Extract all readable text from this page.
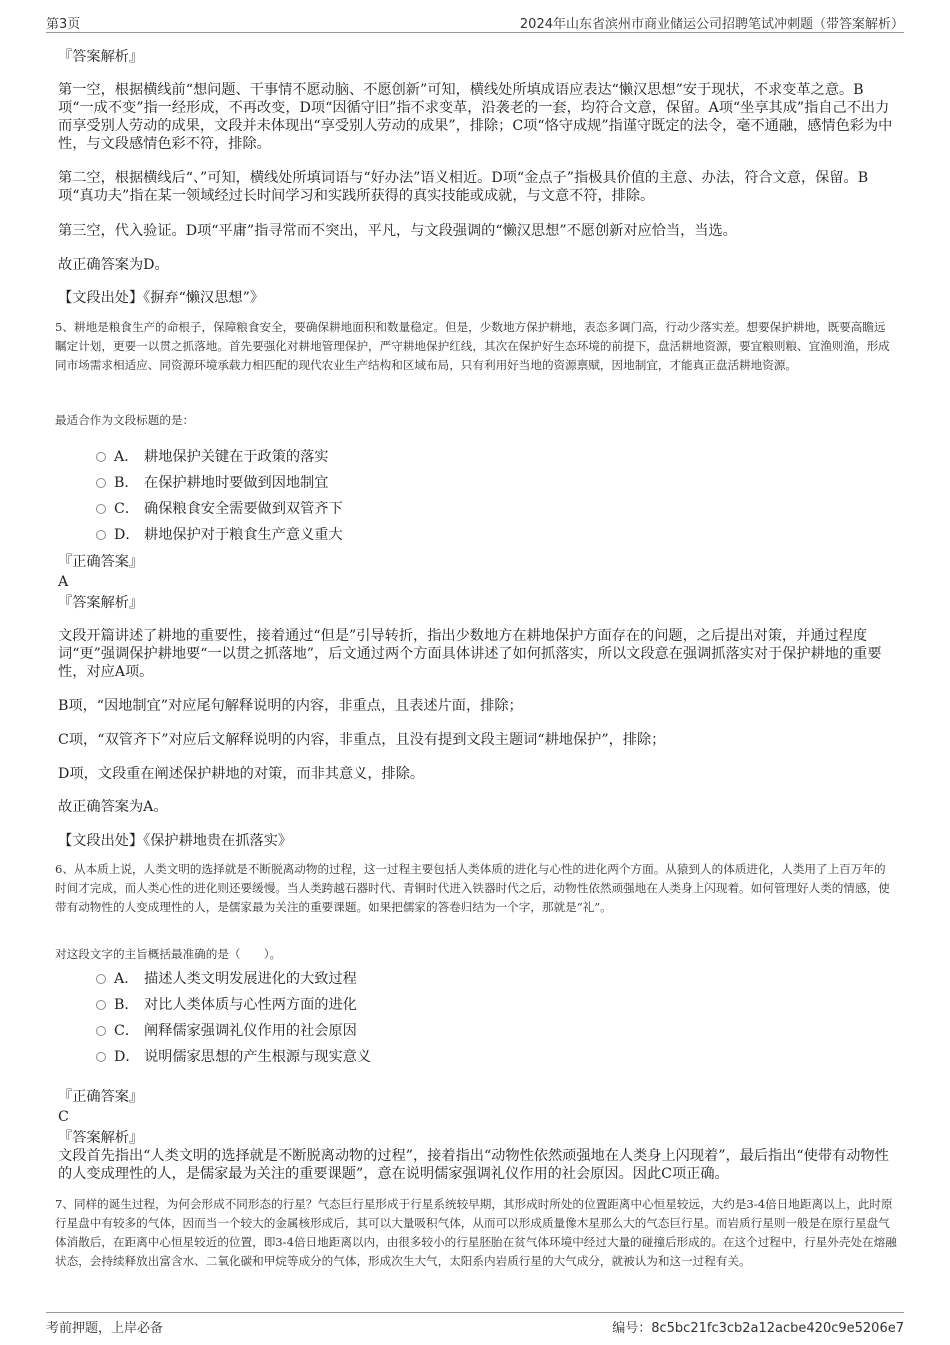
第3页	2024年山东省滨州市商业储运公司招聘笔试冲刺题（带答案解析）

『答案解析』

第一空，根据横线前“想问题、干事情不愿动脑、不愿创新”可知，横线处所填成语应表达“懒汉思想”安于现状，不求变革之意。B项“一成不变”指一经形成，不再改变，D项“因循守旧”指不求变革，沿袭老的一套，均符合文意，保留。A项“坐享其成”指自己不出力而享受别人劳动的成果，文段并未体现出“享受别人劳动的成果”，排除；C项“恪守成规”指谨守既定的法令，毫不通融，感情色彩为中性，与文段感情色彩不符，排除。

第二空，根据横线后“、”可知，横线处所填词语与“好办法”语义相近。D项“金点子”指极具价值的主意、办法，符合文意，保留。B项“真功夫”指在某一领域经过长时间学习和实践所获得的真实技能或成就，与文意不符，排除。

第三空，代入验证。D项“平庸”指寻常而不突出，平凡，与文段强调的“懒汉思想”不愿创新对应恰当，当选。

故正确答案为D。

【文段出处】《摒弃“懒汉思想”》

5、耕地是粮食生产的命根子，保障粮食安全，要确保耕地面积和数量稳定。但是，少数地方保护耕地，表态多调门高，行动少落实差。想要保护耕地，既要高瞻远瞩定计划，更要一以贯之抓落地。首先要强化对耕地管理保护，严守耕地保护红线，其次在保护好生态环境的前提下，盘活耕地资源，要宜粮则粮、宜渔则渔，形成同市场需求相适应、同资源环境承载力相匹配的现代农业生产结构和区域布局，只有利用好当地的资源禀赋，因地制宜，才能真正盘活耕地资源。

最适合作为文段标题的是：

A． 耕地保护关键在于政策的落实
B． 在保护耕地时要做到因地制宜
C． 确保粮食安全需要做到双管齐下
D． 耕地保护对于粮食生产意义重大

『正确答案』

A

『答案解析』

文段开篇讲述了耕地的重要性，接着通过“但是”引导转折，指出少数地方在耕地保护方面存在的问题，之后提出对策，并通过程度词“更”强调保护耕地要“一以贯之抓落地”，后文通过两个方面具体讲述了如何抓落实，所以文段意在强调抓落实对于保护耕地的重要性，对应A项。

B项，“因地制宜”对应尾句解释说明的内容，非重点，且表述片面，排除；

C项，“双管齐下”对应后文解释说明的内容，非重点，且没有提到文段主题词“耕地保护”，排除；

D项，文段重在阐述保护耕地的对策，而非其意义，排除。

故正确答案为A。

【文段出处】《保护耕地贵在抓落实》

6、从本质上说，人类文明的选择就是不断脱离动物的过程，这一过程主要包括人类体质的进化与心性的进化两个方面。从猿到人的体质进化，人类用了上百万年的时间才完成，而人类心性的进化则还要缓慢。当人类跨越石器时代、青铜时代进入铁器时代之后，动物性依然顽强地在人类身上闪现着。如何管理好人类的情感，使带有动物性的人变成理性的人，是儒家最为关注的重要课题。如果把儒家的答卷归结为一个字，那就是“礼”。

对这段文字的主旨概括最准确的是（　　）。

A． 描述人类文明发展进化的大致过程
B． 对比人类体质与心性两方面的进化
C． 阐释儒家强调礼仪作用的社会原因
D． 说明儒家思想的产生根源与现实意义

『正确答案』

C

『答案解析』

文段首先指出“人类文明的选择就是不断脱离动物的过程”，接着指出“动物性依然顽强地在人类身上闪现着”，最后指出“使带有动物性的人变成理性的人，是儒家最为关注的重要课题”，意在说明儒家强调礼仪作用的社会原因。因此C项正确。

7、同样的诞生过程，为何会形成不同形态的行星？气态巨行星形成于行星系统较早期，其形成时所处的位置距离中心恒星较远，大约是3-4倍日地距离以上，此时原行星盘中有较多的气体，因而当一个较大的金属核形成后，其可以大量吸积气体，从而可以形成质量像木星那么大的气态巨行星。而岩质行星则一般是在原行星盘气体消散后，在距离中心恒星较近的位置，即3-4倍日地距离以内，由很多较小的行星胚胎在贫气体环境中经过大量的碰撞后形成的。在这个过程中，行星外壳处在熔融状态，会持续释放出富含水、二氧化碳和甲烷等成分的气体，形成次生大气，太阳系内岩质行星的大气成分，就被认为和这一过程有关。

考前押题，上岸必备	编号：8c5bc21fc3cb2a12acbe420c9e5206e7
